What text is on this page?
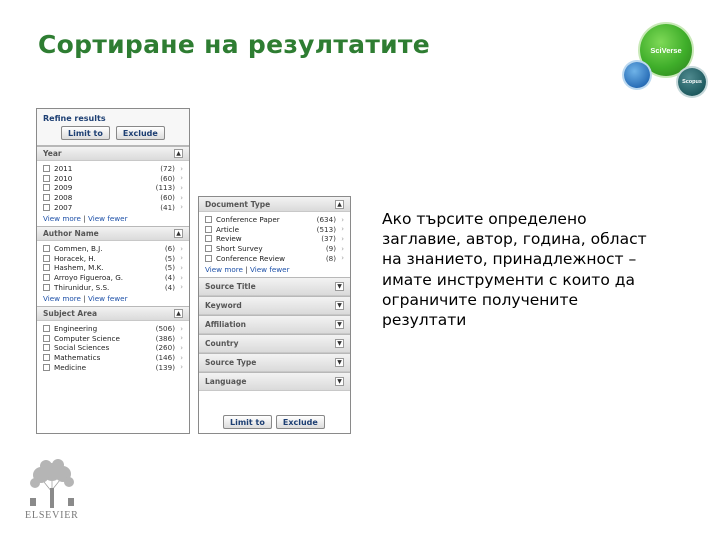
Сортиране на резултатите	SciVerse
Scopus
Refine results
Limit to	Exclude
Year	▲
2011	(72) ›
2010	(60) ›
2009	(113) ›
2008	(60) ›
2007	(41) ›
View more | View fewer
Author Name	▲
Commen, B.J.	(6) ›
Horacek, H.	(5) ›
Hashem, M.K.	(5) ›
Arroyo Figueroa, G.	(4) ›
Thirunidur, S.S.	(4) ›
View more | View fewer
Subject Area	▲
Engineering	(506) ›
Computer Science	(386) ›
Social Sciences	(260) ›
Mathematics	(146) ›
Medicine	(139) ›
Document Type	▲
Conference Paper	(634) ›
Article	(513) ›
Review	(37) ›
Short Survey	(9) ›
Conference Review	(8) ›
View more | View fewer
Source Title	▼
Keyword	▼
Affiliation	▼
Country	▼
Source Type	▼
Language	▼
Limit to	Exclude
Ако търсите определено заглавие, автор, година, област на знанието, принадлежност – имате инструменти с които да ограничите получените резултати
ELSEVIER
